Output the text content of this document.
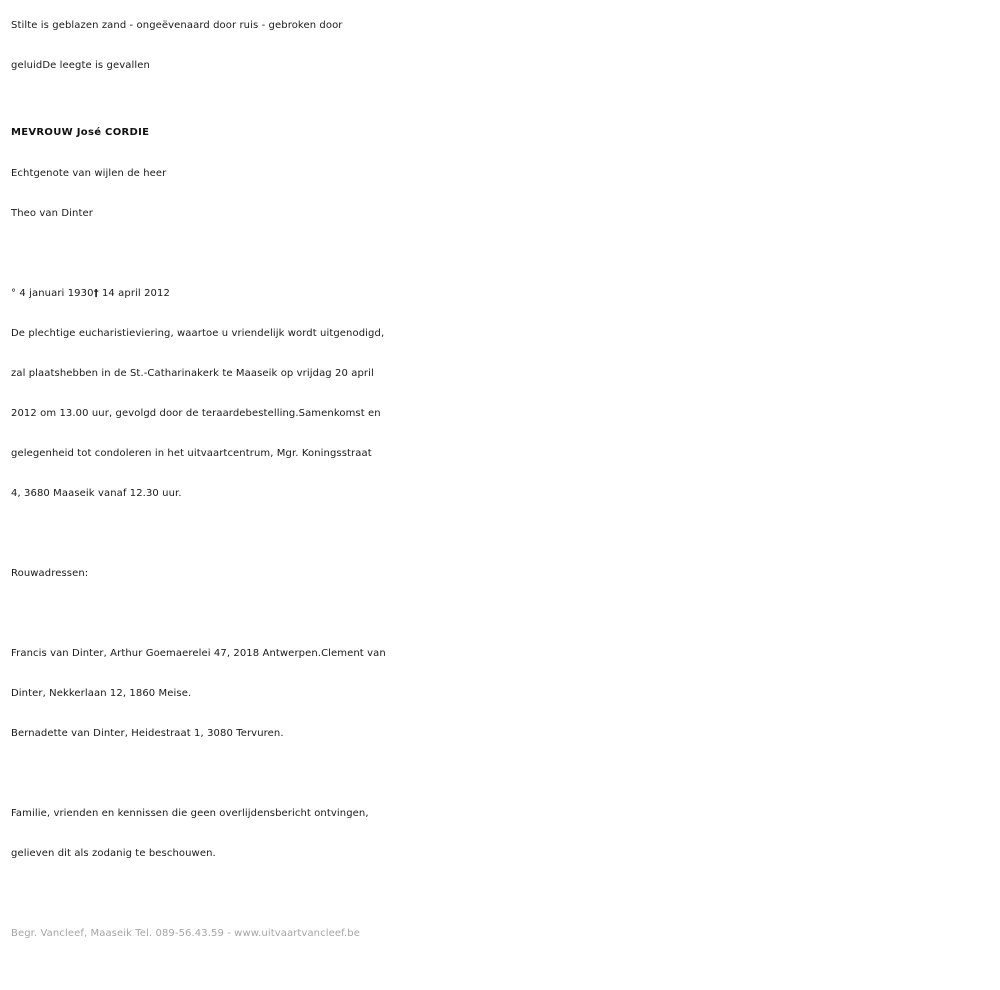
Stilte is geblazen zand - ongeëvenaard door ruis - gebroken door
geluidDe leegte is gevallen
MEVROUW José CORDIE
Echtgenote van wijlen de heer
Theo van Dinter
° 4 januari 1930† 14 april 2012
De plechtige eucharistieviering, waartoe u vriendelijk wordt uitgenodigd,
zal plaatshebben in de St.-Catharinakerk te Maaseik op vrijdag 20 april
2012 om 13.00 uur, gevolgd door de teraardebestelling.Samenkomst en
gelegenheid tot condoleren in het uitvaartcentrum, Mgr. Koningsstraat
4, 3680 Maaseik vanaf 12.30 uur.
Rouwadressen:
Francis van Dinter, Arthur Goemaerelei 47, 2018 Antwerpen.Clement van
Dinter, Nekkerlaan 12, 1860 Meise.
Bernadette van Dinter, Heidestraat 1, 3080 Tervuren.
Familie, vrienden en kennissen die geen overlijdensbericht ontvingen,
gelieven dit als zodanig te beschouwen.
Begr. Vancleef, Maaseik Tel. 089-56.43.59 - www.uitvaartvancleef.be
